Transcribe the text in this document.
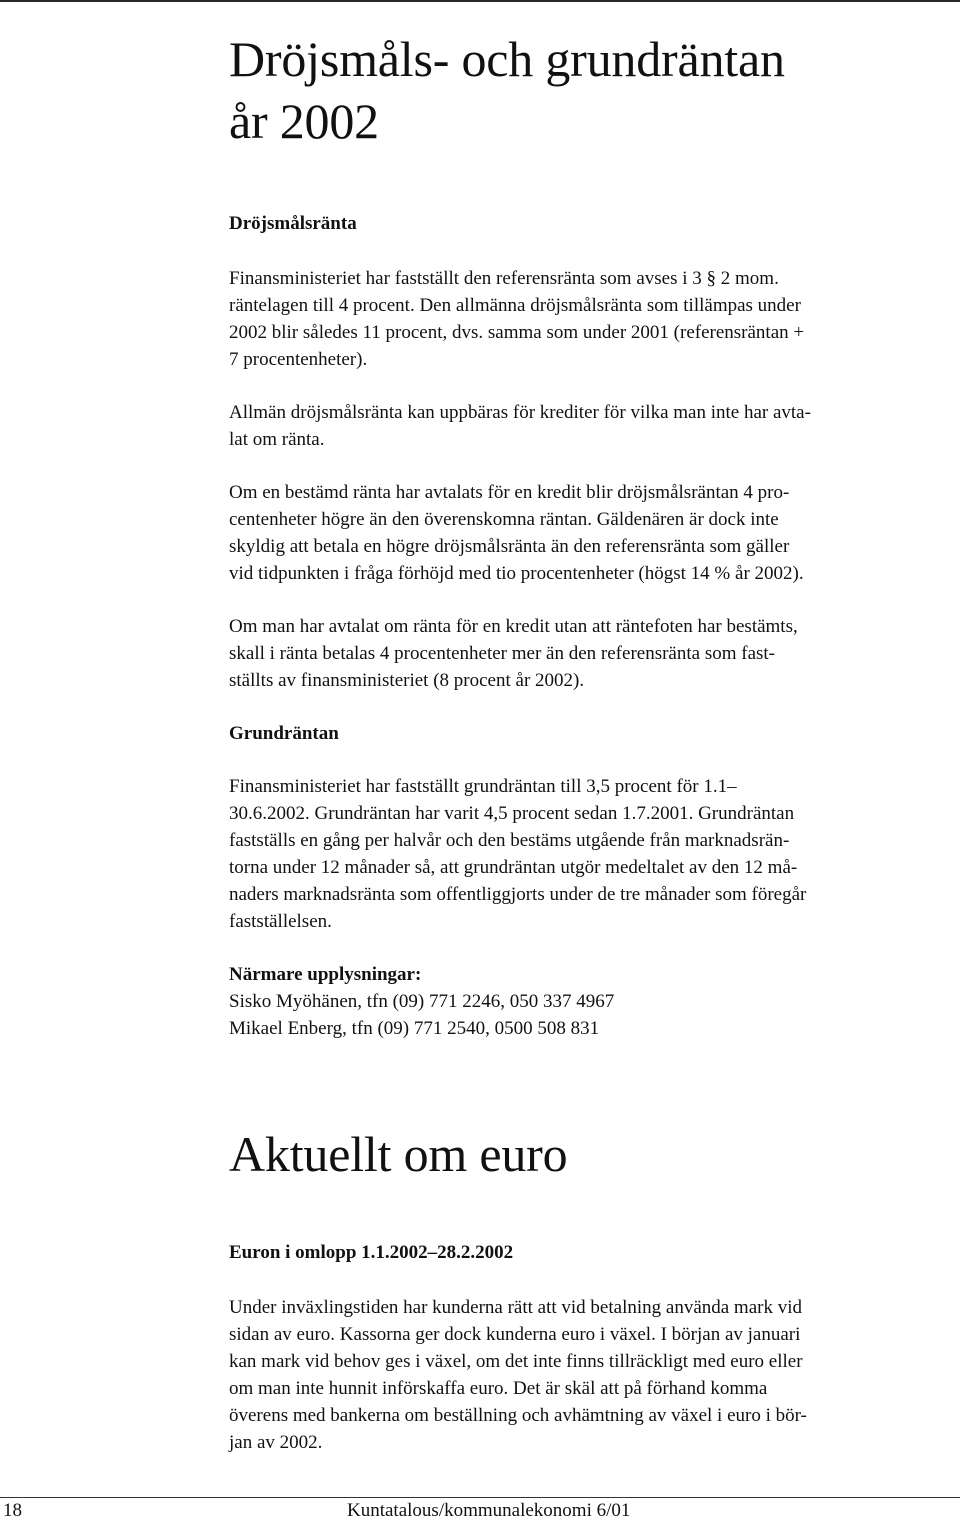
Dröjsmåls- och grundräntan
år 2002
Dröjsmålsränta

Finansministeriet har fastställt den referensränta som avses i 3 § 2 mom.
räntelagen till 4 procent. Den allmänna dröjsmålsränta som tillämpas under
2002 blir således 11 procent, dvs. samma som under 2001 (referensräntan +
7 procentenheter).

Allmän dröjsmålsränta kan uppbäras för krediter för vilka man inte har avta-
lat om ränta.

Om en bestämd ränta har avtalats för en kredit blir dröjsmålsräntan 4 pro-
centenheter högre än den överenskomna räntan. Gäldenären är dock inte
skyldig att betala en högre dröjsmålsränta än den referensränta som gäller
vid tidpunkten i fråga förhöjd med tio procentenheter (högst 14 % år 2002).

Om man har avtalat om ränta för en kredit utan att räntefoten har bestämts,
skall i ränta betalas 4 procentenheter mer än den referensränta som fast-
ställts av finansministeriet (8 procent år 2002).

Grundräntan

Finansministeriet har fastställt grundräntan till 3,5 procent för 1.1–
30.6.2002. Grundräntan har varit 4,5 procent sedan 1.7.2001. Grundräntan
fastställs en gång per halvår och den bestäms utgående från marknadsrän-
torna under 12 månader så, att grundräntan utgör medeltalet av den 12 må-
naders marknadsränta som offentliggjorts under de tre månader som föregår
fastställelsen.

Närmare upplysningar:

Sisko Myöhänen, tfn (09) 771 2246, 050 337 4967
Mikael Enberg, tfn (09) 771 2540, 0500 508 831

Aktuellt om euro
Euron i omlopp 1.1.2002–28.2.2002

Under inväxlingstiden har kunderna rätt att vid betalning använda mark vid
sidan av euro. Kassorna ger dock kunderna euro i växel. I början av januari
kan mark vid behov ges i växel, om det inte finns tillräckligt med euro eller
om man inte hunnit införskaffa euro. Det är skäl att på förhand komma
överens med bankerna om beställning och avhämtning av växel i euro i bör-
jan av 2002.

18	Kuntatalous/kommunalekonomi 6/01
